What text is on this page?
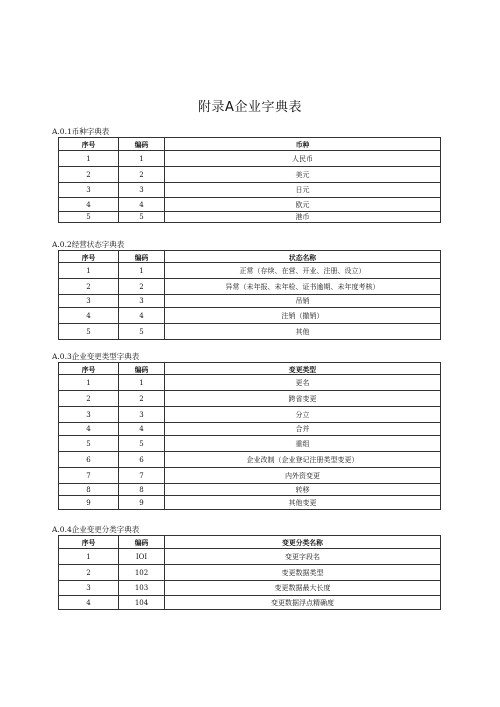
附录A企业字典表
A.0.1币种字典表
序号	编码	币种
1	1	人民币
2	2	美元
3	3	日元
4	4	欧元
5	5	港币
A.0.2经营状态字典表
序号	编码	状态名称
1	1	正常（存续、在营、开业、注册、设立）
2	2	异常（未年报、未年检、证书逾期、未年度考核）
3	3	吊销
4	4	注销（撤销）
5	5	其他
A.0.3企业变更类型字典表
序号	编码	变更类型
1	1	更名
2	2	跨省变更
3	3	分立
4	4	合并
5	5	重组
6	6	企业改制（企业登记注册类型变更）
7	7	内外资变更
8	8	转移
9	9	其他变更
A.0.4企业变更分类字典表
序号	编码	变更分类名称
1	IOI	变更字段名
2	102	变更数据类型
3	103	变更数据最大长度
4	104	变更数据浮点精确度
